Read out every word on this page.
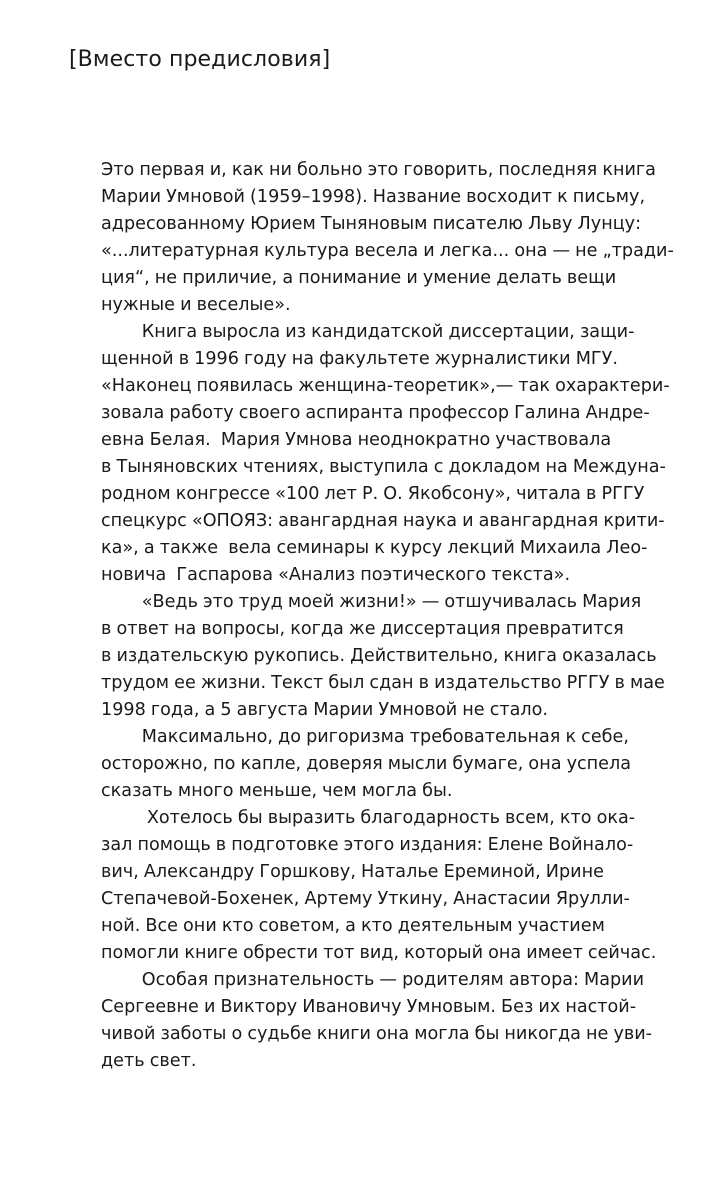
[Вместо предисловия]
Это первая и, как ни больно это говорить, последняя книга
Марии Умновой (1959–1998). Название восходит к письму,
адресованному Юрием Тыняновым писателю Льву Лунцу:
«...литературная культура весела и легка... она — не „тради-
ция“, не приличие, а понимание и умение делать вещи
нужные и веселые».
Книга выросла из кандидатской диссертации, защи-
щенной в 1996 году на факультете журналистики МГУ.
«Наконец появилась женщина-теоретик»,— так охарактери-
зовала работу своего аспиранта профессор Галина Андре-
евна Белая.  Мария Умнова неоднократно участвовала
в Тыняновских чтениях, выступила с докладом на Междуна-
родном конгрессе «100 лет Р. О. Якобсону», читала в РГГУ
спецкурс «ОПОЯЗ: авангардная наука и авангардная крити-
ка», а также  вела семинары к курсу лекций Михаила Лео-
новича  Гаспарова «Анализ поэтического текста».
«Ведь это труд моей жизни!» — отшучивалась Мария
в ответ на вопросы, когда же диссертация превратится
в издательскую рукопись. Действительно, книга оказалась
трудом ее жизни. Текст был сдан в издательство РГГУ в мае
1998 года, а 5 августа Марии Умновой не стало.
Максимально, до ригоризма требовательная к себе,
осторожно, по капле, доверяя мысли бумаге, она успела
сказать много меньше, чем могла бы.
Хотелось бы выразить благодарность всем, кто ока-
зал помощь в подготовке этого издания: Елене Войнало-
вич, Александру Горшкову, Наталье Ереминой, Ирине
Степачевой-Бохенек, Артему Уткину, Анастасии Ярулли-
ной. Все они кто советом, а кто деятельным участием
помогли книге обрести тот вид, который она имеет сейчас.
Особая признательность — родителям автора: Марии
Сергеевне и Виктору Ивановичу Умновым. Без их настой-
чивой заботы о судьбе книги она могла бы никогда не уви-
деть свет.
